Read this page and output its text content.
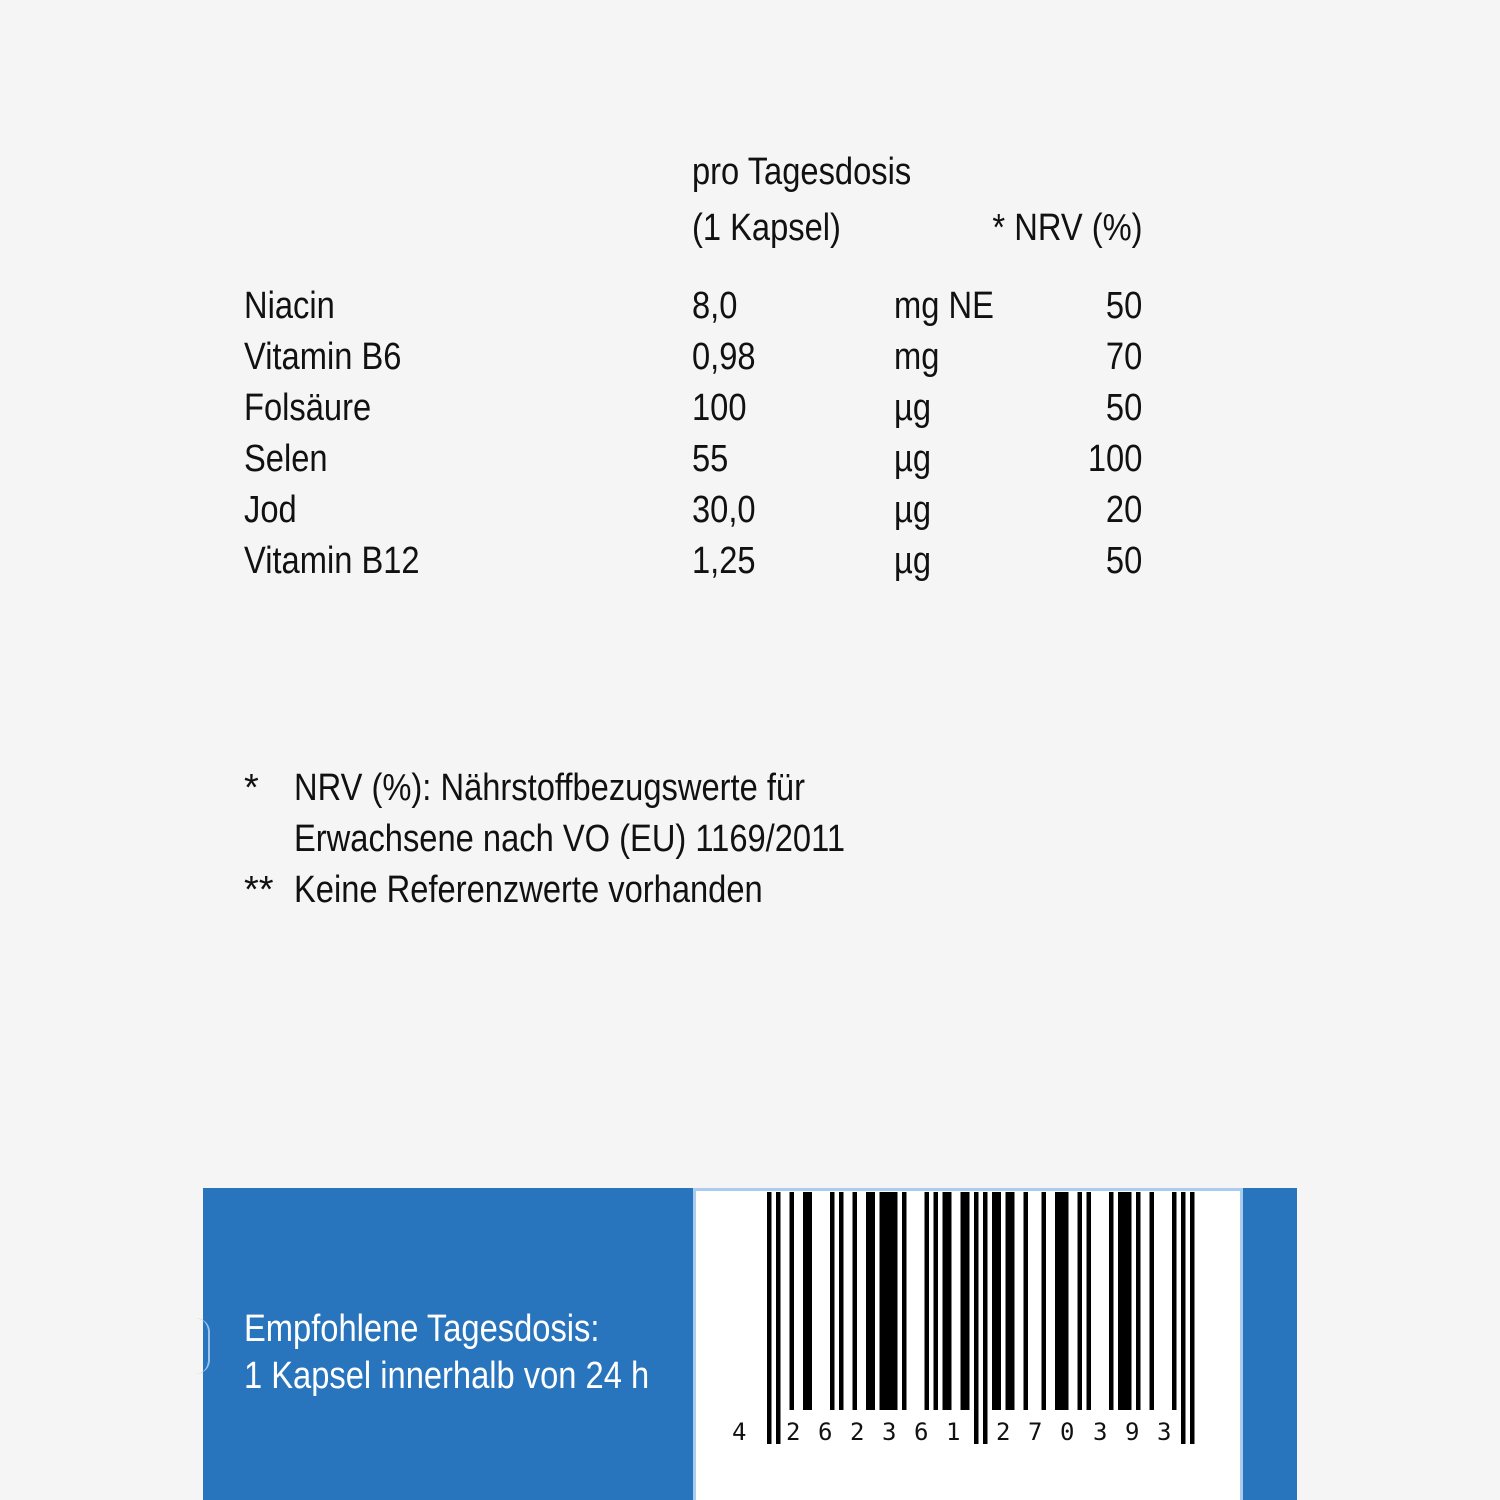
pro Tagesdosis
(1 Kapsel)	* NRV (%)
Niacin	8,0	mg NE	50
Vitamin B6	0,98	mg	70
Folsäure	100	µg	50
Selen	55	µg	100
Jod	30,0	µg	20
Vitamin B12	1,25	µg	50
* NRV (%): Nährstoffbezugswerte für
Erwachsene nach VO (EU) 1169/2011
** Keine Referenzwerte vorhanden
Empfohlene Tagesdosis:
1 Kapsel innerhalb von 24 h
4 2 6 2 3 6 1 2 7 0 3 9 3
